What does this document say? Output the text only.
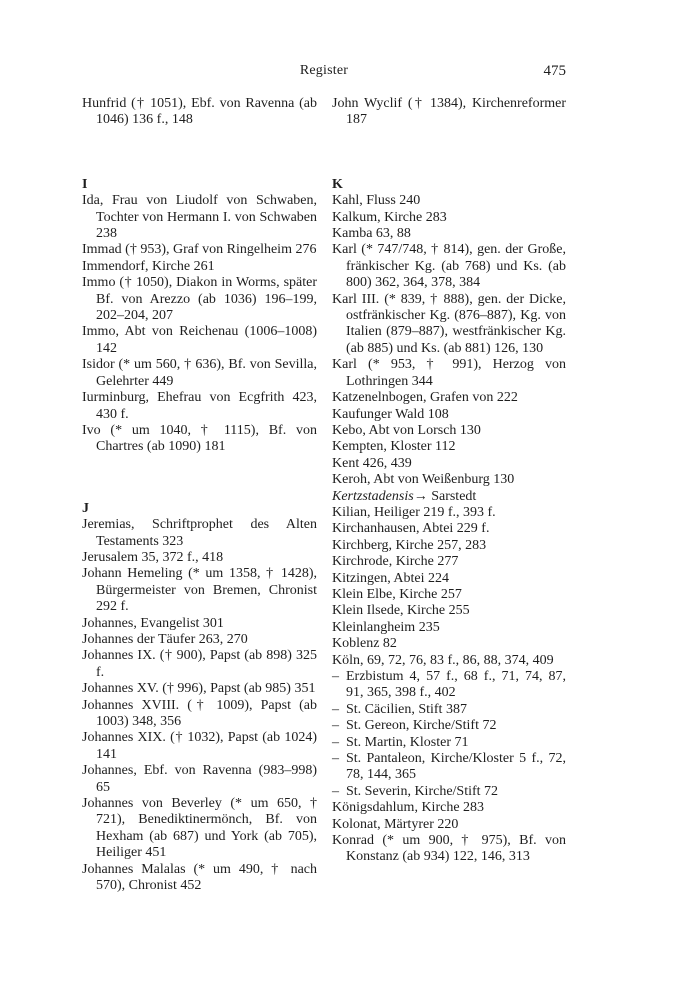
Register	475
Hunfrid († 1051), Ebf. von Ravenna (ab 1046) 136 f., 148
I
Ida, Frau von Liudolf von Schwaben, Tochter von Hermann I. von Schwaben 238
Immad († 953), Graf von Ringelheim 276
Immendorf, Kirche 261
Immo († 1050), Diakon in Worms, später Bf. von Arezzo (ab 1036) 196–199, 202–204, 207
Immo, Abt von Reichenau (1006–1008) 142
Isidor (* um 560, † 636), Bf. von Sevilla, Gelehrter 449
Iurminburg, Ehefrau von Ecgfrith 423, 430 f.
Ivo (* um 1040, † 1115), Bf. von Chartres (ab 1090) 181
J
Jeremias, Schriftprophet des Alten Testaments 323
Jerusalem 35, 372 f., 418
Johann Hemeling (* um 1358, † 1428), Bürgermeister von Bremen, Chronist 292 f.
Johannes, Evangelist 301
Johannes der Täufer 263, 270
Johannes IX. († 900), Papst (ab 898) 325 f.
Johannes XV. († 996), Papst (ab 985) 351
Johannes XVIII. († 1009), Papst (ab 1003) 348, 356
Johannes XIX. († 1032), Papst (ab 1024) 141
Johannes, Ebf. von Ravenna (983–998) 65
Johannes von Beverley (* um 650, † 721), Benediktinermönch, Bf. von Hexham (ab 687) und York (ab 705), Heiliger 451
Johannes Malalas (* um 490, † nach 570), Chronist 452
John Wyclif († 1384), Kirchenreformer 187
K
Kahl, Fluss 240
Kalkum, Kirche 283
Kamba 63, 88
Karl (* 747/748, † 814), gen. der Große, fränkischer Kg. (ab 768) und Ks. (ab 800) 362, 364, 378, 384
Karl III. (* 839, † 888), gen. der Dicke, ostfränkischer Kg. (876–887), Kg. von Italien (879–887), westfränkischer Kg. (ab 885) und Ks. (ab 881) 126, 130
Karl (* 953, † 991), Herzog von Lothringen 344
Katzenelnbogen, Grafen von 222
Kaufunger Wald 108
Kebo, Abt von Lorsch 130
Kempten, Kloster 112
Kent 426, 439
Keroh, Abt von Weißenburg 130
Kertzstadensis→ Sarstedt
Kilian, Heiliger 219 f., 393 f.
Kirchanhausen, Abtei 229 f.
Kirchberg, Kirche 257, 283
Kirchrode, Kirche 277
Kitzingen, Abtei 224
Klein Elbe, Kirche 257
Klein Ilsede, Kirche 255
Kleinlangheim 235
Koblenz 82
Köln, 69, 72, 76, 83 f., 86, 88, 374, 409
– Erzbistum 4, 57 f., 68 f., 71, 74, 87, 91, 365, 398 f., 402
– St. Cäcilien, Stift 387
– St. Gereon, Kirche/Stift 72
– St. Martin, Kloster 71
– St. Pantaleon, Kirche/Kloster 5 f., 72, 78, 144, 365
– St. Severin, Kirche/Stift 72
Königsdahlum, Kirche 283
Kolonat, Märtyrer 220
Konrad (* um 900, † 975), Bf. von Konstanz (ab 934) 122, 146, 313
